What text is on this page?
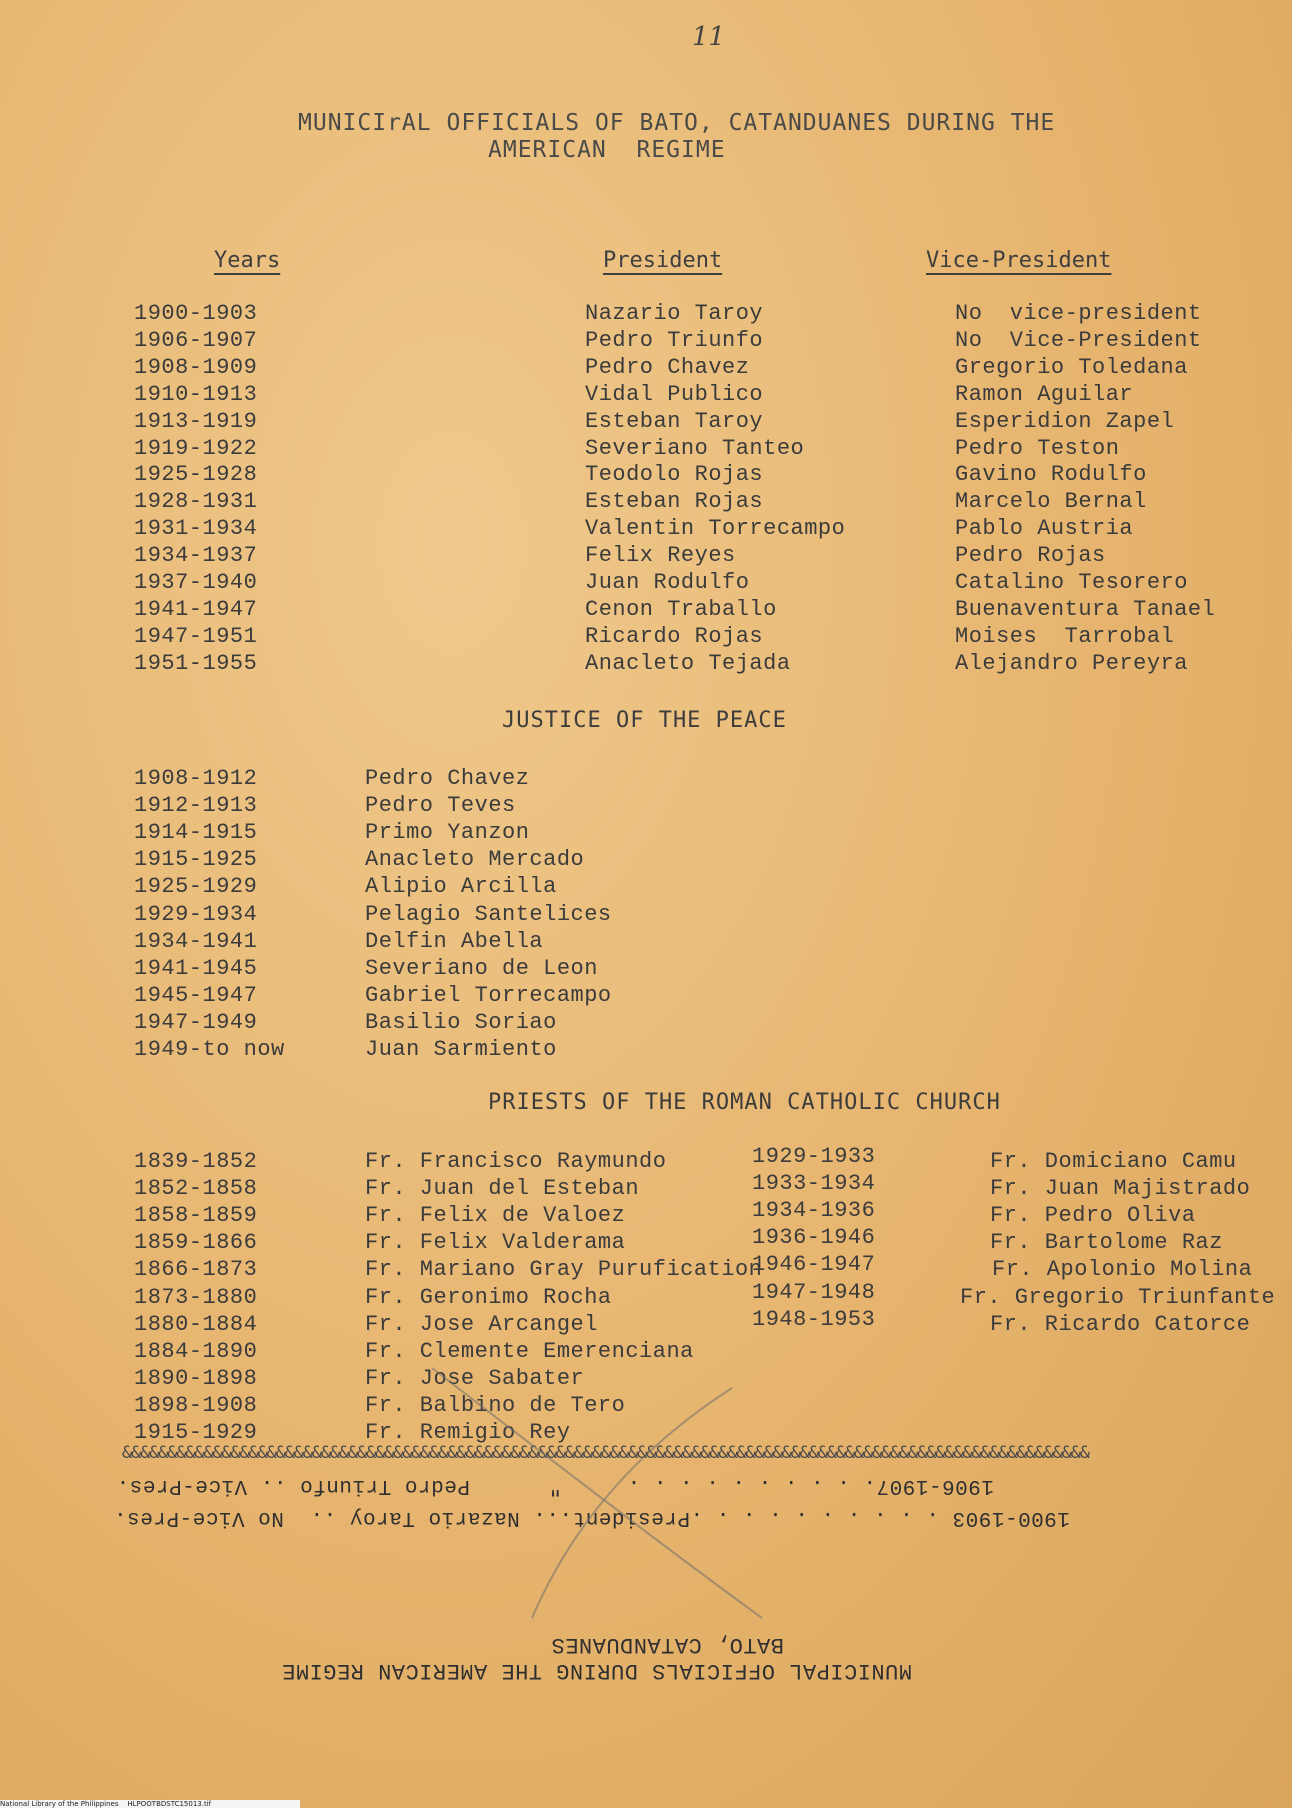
11
MUNICIrAL OFFICIALS OF BATO, CATANDUANES DURING THE
AMERICAN  REGIME
Years	President	Vice-President
1900-1903	Nazario Taroy	No  vice-president
1906-1907	Pedro Triunfo	No  Vice-President
1908-1909	Pedro Chavez	Gregorio Toledana
1910-1913	Vidal Publico	Ramon Aguilar
1913-1919	Esteban Taroy	Esperidion Zapel
1919-1922	Severiano Tanteo	Pedro Teston
1925-1928	Teodolo Rojas	Gavino Rodulfo
1928-1931	Esteban Rojas	Marcelo Bernal
1931-1934	Valentin Torrecampo	Pablo Austria
1934-1937	Felix Reyes	Pedro Rojas
1937-1940	Juan Rodulfo	Catalino Tesorero
1941-1947	Cenon Traballo	Buenaventura Tanael
1947-1951	Ricardo Rojas	Moises  Tarrobal
1951-1955	Anacleto Tejada	Alejandro Pereyra
JUSTICE OF THE PEACE
1908-1912	Pedro Chavez
1912-1913	Pedro Teves
1914-1915	Primo Yanzon
1915-1925	Anacleto Mercado
1925-1929	Alipio Arcilla
1929-1934	Pelagio Santelices
1934-1941	Delfin Abella
1941-1945	Severiano de Leon
1945-1947	Gabriel Torrecampo
1947-1949	Basilio Soriao
1949-to now	Juan Sarmiento
PRIESTS OF THE ROMAN CATHOLIC CHURCH
1839-1852	Fr. Francisco Raymundo
1852-1858	Fr. Juan del Esteban
1858-1859	Fr. Felix de Valoez
1859-1866	Fr. Felix Valderama
1866-1873	Fr. Mariano Gray Purufication
1873-1880	Fr. Geronimo Rocha
1880-1884	Fr. Jose Arcangel
1884-1890	Fr. Clemente Emerenciana
1890-1898	Fr. Jose Sabater
1898-1908	Fr. Balbino de Tero
1915-1929	Fr. Remigio Rey
1929-1933	Fr. Domiciano Camu
1933-1934	Fr. Juan Majistrado
1934-1936	Fr. Pedro Oliva
1936-1946	Fr. Bartolome Raz
1946-1947	Fr. Apolonio Molina
1947-1948	Fr. Gregorio Triunfante
1948-1953	Fr. Ricardo Catorce
&&&&&&&&&&&&&&&&&&&&&&&&&&&&&&&&&&&&&&&&&&&&&&&&&&&&&&&&&&&&&&&&&&&&&&&&&&&&&&&&&&&&&&&&&&&&&&&&&&&&&&&&&&&
MUNICIPAL OFFICIALS DURING THE AMERICAN REGIME
BATO, CATANDUANES
1900-1903 . . . . . . . . . .President... Nazario Taroy ..  No Vice-Pres.
1906-1907. . . . . . . . . .     "      Pedro Triunfo .. Vice-Pres.
National Library of the Philippines    HLPOOTBDSTC15013.tif
